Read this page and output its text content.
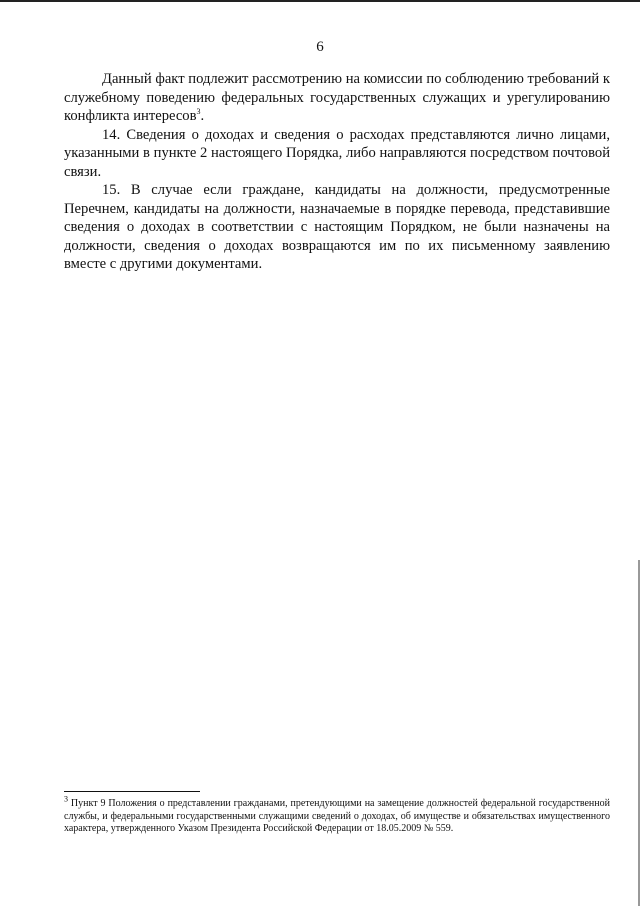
6

Данный факт подлежит рассмотрению на комиссии по соблюдению требований к служебному поведению федеральных государственных служащих и урегулированию конфликта интересов$^3$.

14. Сведения о доходах и сведения о расходах представляются лично лицами, указанными в пункте 2 настоящего Порядка, либо направляются посредством почтовой связи.

15. В случае если граждане, кандидаты на должности, предусмотренные Перечнем, кандидаты на должности, назначаемые в порядке перевода, представившие сведения о доходах в соответствии с настоящим Порядком, не были назначены на должности, сведения о доходах возвращаются им по их письменному заявлению вместе с другими документами.

$^3$ Пункт 9 Положения о представлении гражданами, претендующими на замещение должностей федеральной государственной службы, и федеральными государственными служащими сведений о доходах, об имуществе и обязательствах имущественного характера, утвержденного Указом Президента Российской Федерации от 18.05.2009 № 559.
